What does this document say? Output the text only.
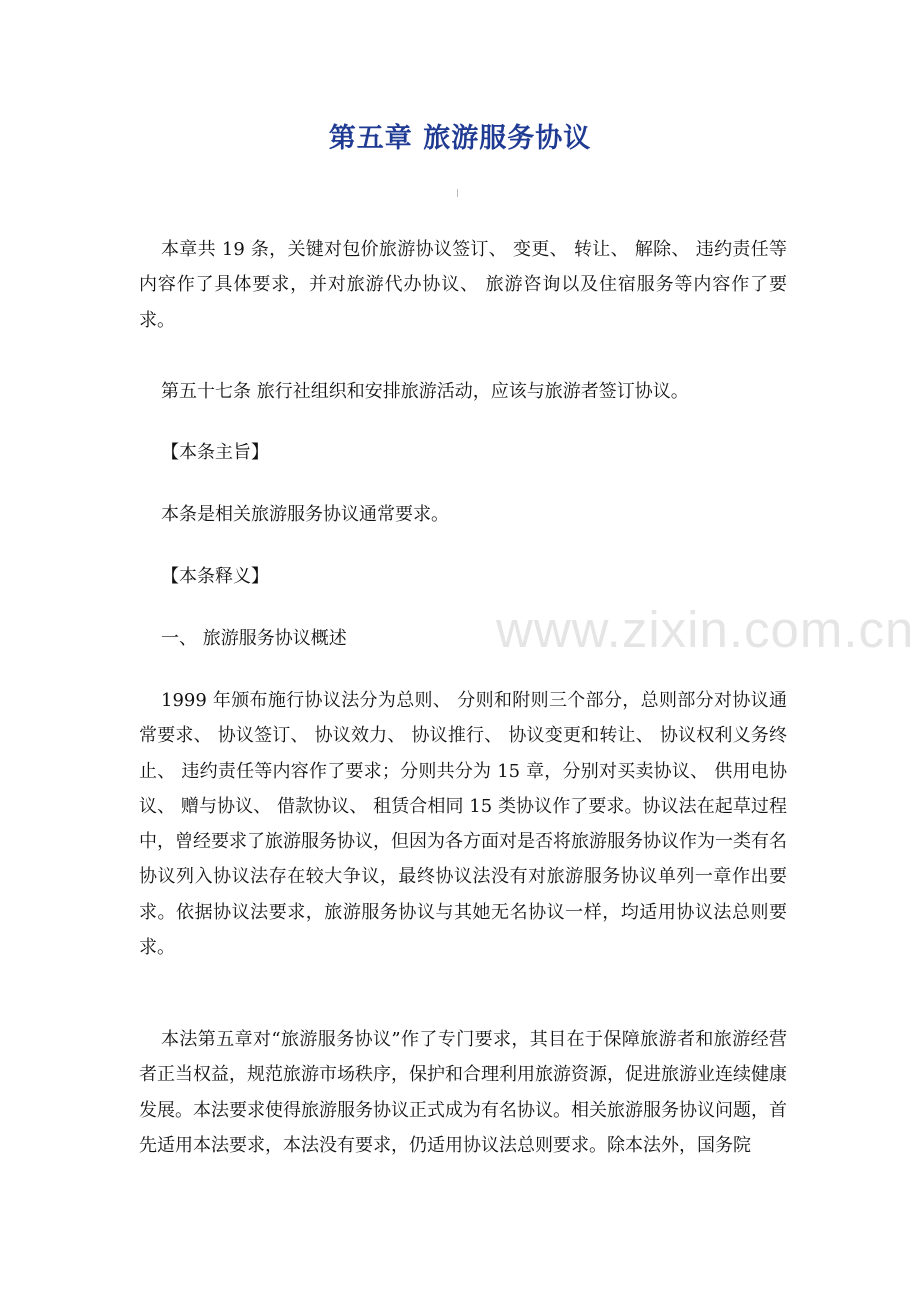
第五章 旅游服务协议

本章共 19 条，关键对包价旅游协议签订、 变更、 转让、 解除、 违约责任等内容作了具体要求，并对旅游代办协议、 旅游咨询以及住宿服务等内容作了要求。

第五十七条 旅行社组织和安排旅游活动，应该与旅游者签订协议。

【本条主旨】

本条是相关旅游服务协议通常要求。

【本条释义】

一、 旅游服务协议概述

1999 年颁布施行协议法分为总则、 分则和附则三个部分，总则部分对协议通常要求、 协议签订、 协议效力、 协议推行、 协议变更和转让、 协议权利义务终止、 违约责任等内容作了要求；分则共分为 15 章，分别对买卖协议、 供用电协议、 赠与协议、 借款协议、 租赁合相同 15 类协议作了要求。协议法在起草过程中，曾经要求了旅游服务协议，但因为各方面对是否将旅游服务协议作为一类有名协议列入协议法存在较大争议，最终协议法没有对旅游服务协议单列一章作出要求。依据协议法要求，旅游服务协议与其她无名协议一样，均适用协议法总则要求。

本法第五章对“旅游服务协议”作了专门要求，其目在于保障旅游者和旅游经营者正当权益，规范旅游市场秩序，保护和合理利用旅游资源，促进旅游业连续健康发展。本法要求使得旅游服务协议正式成为有名协议。相关旅游服务协议问题，首先适用本法要求，本法没有要求，仍适用协议法总则要求。除本法外，国务院

www.zixin.com.cn
